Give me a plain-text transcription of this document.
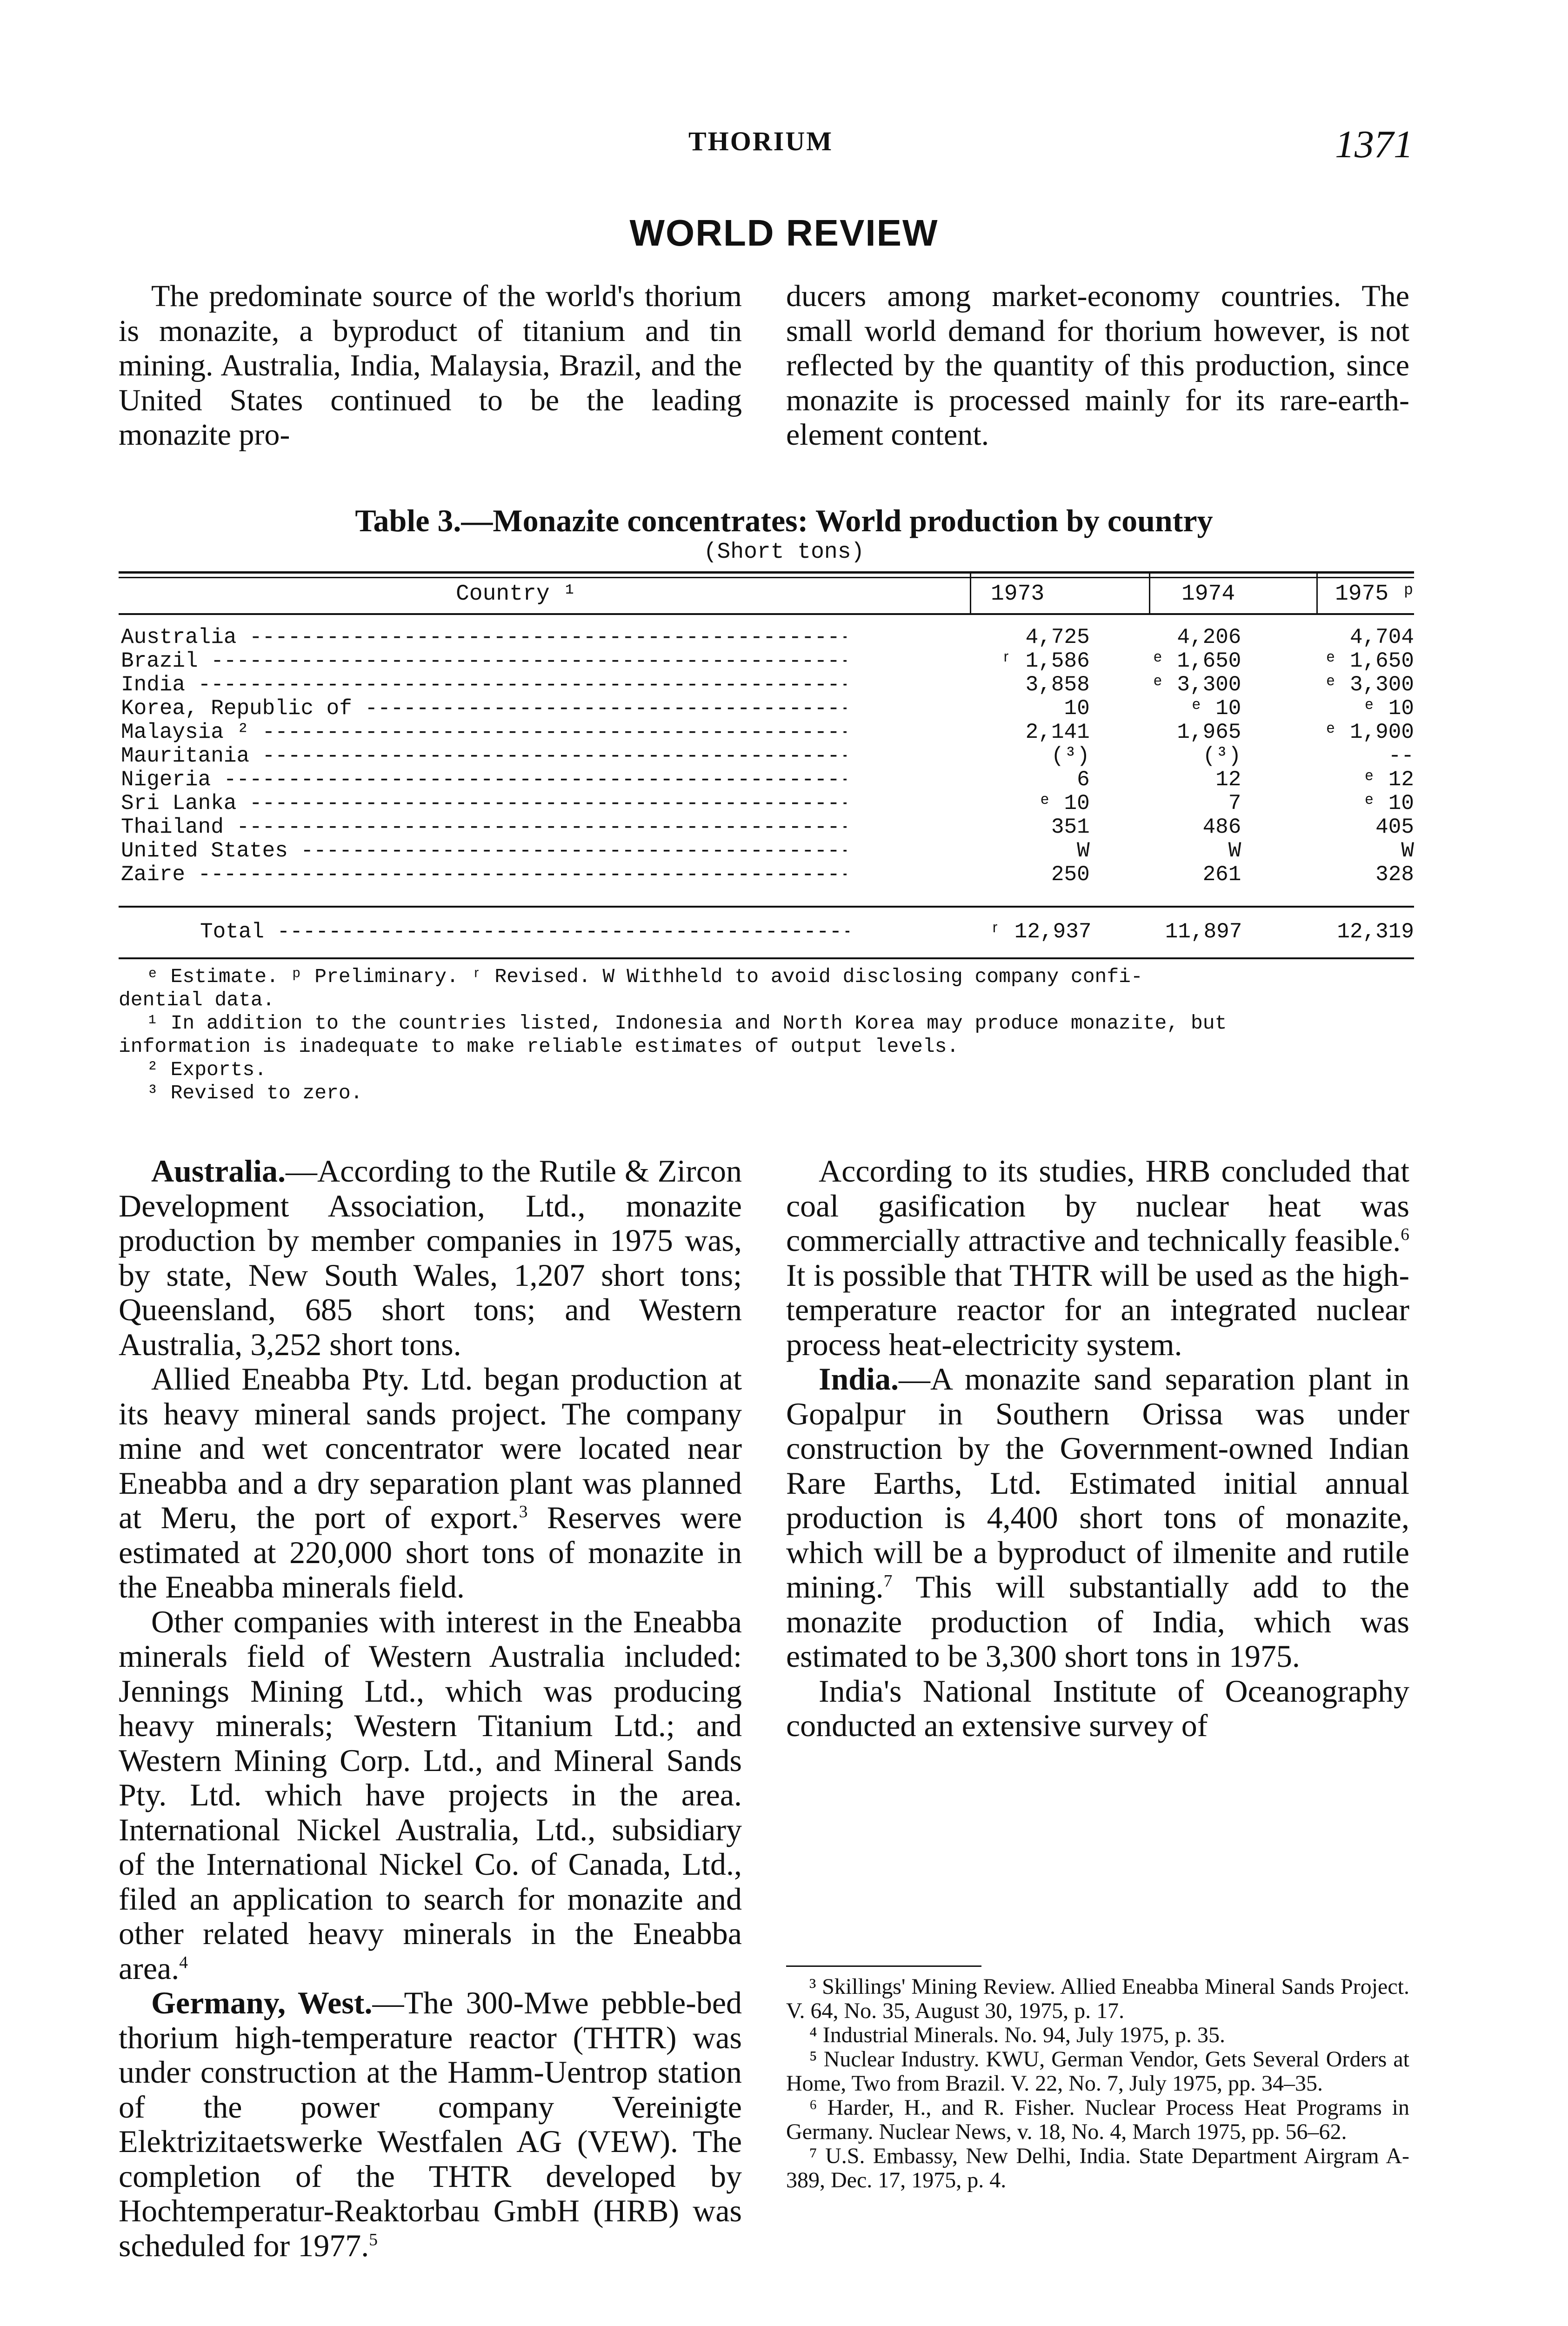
THORIUM	1371
WORLD REVIEW

The predominate source of the world's thorium is monazite, a byproduct of titanium and tin mining. Australia, India, Malaysia, Brazil, and the United States continued to be the leading monazite pro-

ducers among market-economy countries. The small world demand for thorium however, is not reflected by the quantity of this production, since monazite is processed mainly for its rare-earth-element content.

Table 3.—Monazite concentrates: World production by country
(Short tons)
Country ¹	1973	1974	1975 ᵖ
Australia -----	4,725	4,206	4,704
Brazil -----	ʳ 1,586	ᵉ 1,650	ᵉ 1,650
India -----	3,858	ᵉ 3,300	ᵉ 3,300
Korea, Republic of -----	10	ᵉ 10	ᵉ 10
Malaysia ² -----	2,141	1,965	ᵉ 1,900
Mauritania -----	(³)	(³)	--
Nigeria -----	6	12	ᵉ 12
Sri Lanka -----	ᵉ 10	7	ᵉ 10
Thailand -----	351	486	405
United States -----	W	W	W
Zaire -----	250	261	328
Total -----	ʳ 12,937	11,897	12,319
ᵉ Estimate. ᵖ Preliminary. ʳ Revised. W Withheld to avoid disclosing company confi-
dential data.
¹ In addition to the countries listed, Indonesia and North Korea may produce monazite, but
information is inadequate to make reliable estimates of output levels.
² Exports.
³ Revised to zero.

Australia.—According to the Rutile & Zircon Development Association, Ltd., monazite production by member companies in 1975 was, by state, New South Wales, 1,207 short tons; Queensland, 685 short tons; and Western Australia, 3,252 short tons.

Allied Eneabba Pty. Ltd. began production at its heavy mineral sands project. The company mine and wet concentrator were located near Eneabba and a dry separation plant was planned at Meru, the port of export.$^3$ Reserves were estimated at 220,000 short tons of monazite in the Eneabba minerals field.

Other companies with interest in the Eneabba minerals field of Western Australia included: Jennings Mining Ltd., which was producing heavy minerals; Western Titanium Ltd.; and Western Mining Corp. Ltd., and Mineral Sands Pty. Ltd. which have projects in the area. International Nickel Australia, Ltd., subsidiary of the International Nickel Co. of Canada, Ltd., filed an application to search for monazite and other related heavy minerals in the Eneabba area.$^4$

Germany, West.—The 300-Mwe pebble-bed thorium high-temperature reactor (THTR) was under construction at the Hamm-Uentrop station of the power company Vereinigte Elektrizitaetswerke Westfalen AG (VEW). The completion of the THTR developed by Hochtemperatur-Reaktorbau GmbH (HRB) was scheduled for 1977.$^5$

According to its studies, HRB concluded that coal gasification by nuclear heat was commercially attractive and technically feasible.$^6$ It is possible that THTR will be used as the high-temperature reactor for an integrated nuclear process heat-electricity system.

India.—A monazite sand separation plant in Gopalpur in Southern Orissa was under construction by the Government-owned Indian Rare Earths, Ltd. Estimated initial annual production is 4,400 short tons of monazite, which will be a byproduct of ilmenite and rutile mining.$^7$ This will substantially add to the monazite production of India, which was estimated to be 3,300 short tons in 1975.

India's National Institute of Oceanography conducted an extensive survey of

³ Skillings' Mining Review. Allied Eneabba Mineral Sands Project. V. 64, No. 35, August 30, 1975, p. 17.

⁴ Industrial Minerals. No. 94, July 1975, p. 35.

⁵ Nuclear Industry. KWU, German Vendor, Gets Several Orders at Home, Two from Brazil. V. 22, No. 7, July 1975, pp. 34–35.

⁶ Harder, H., and R. Fisher. Nuclear Process Heat Programs in Germany. Nuclear News, v. 18, No. 4, March 1975, pp. 56–62.

⁷ U.S. Embassy, New Delhi, India. State Department Airgram A-389, Dec. 17, 1975, p. 4.
